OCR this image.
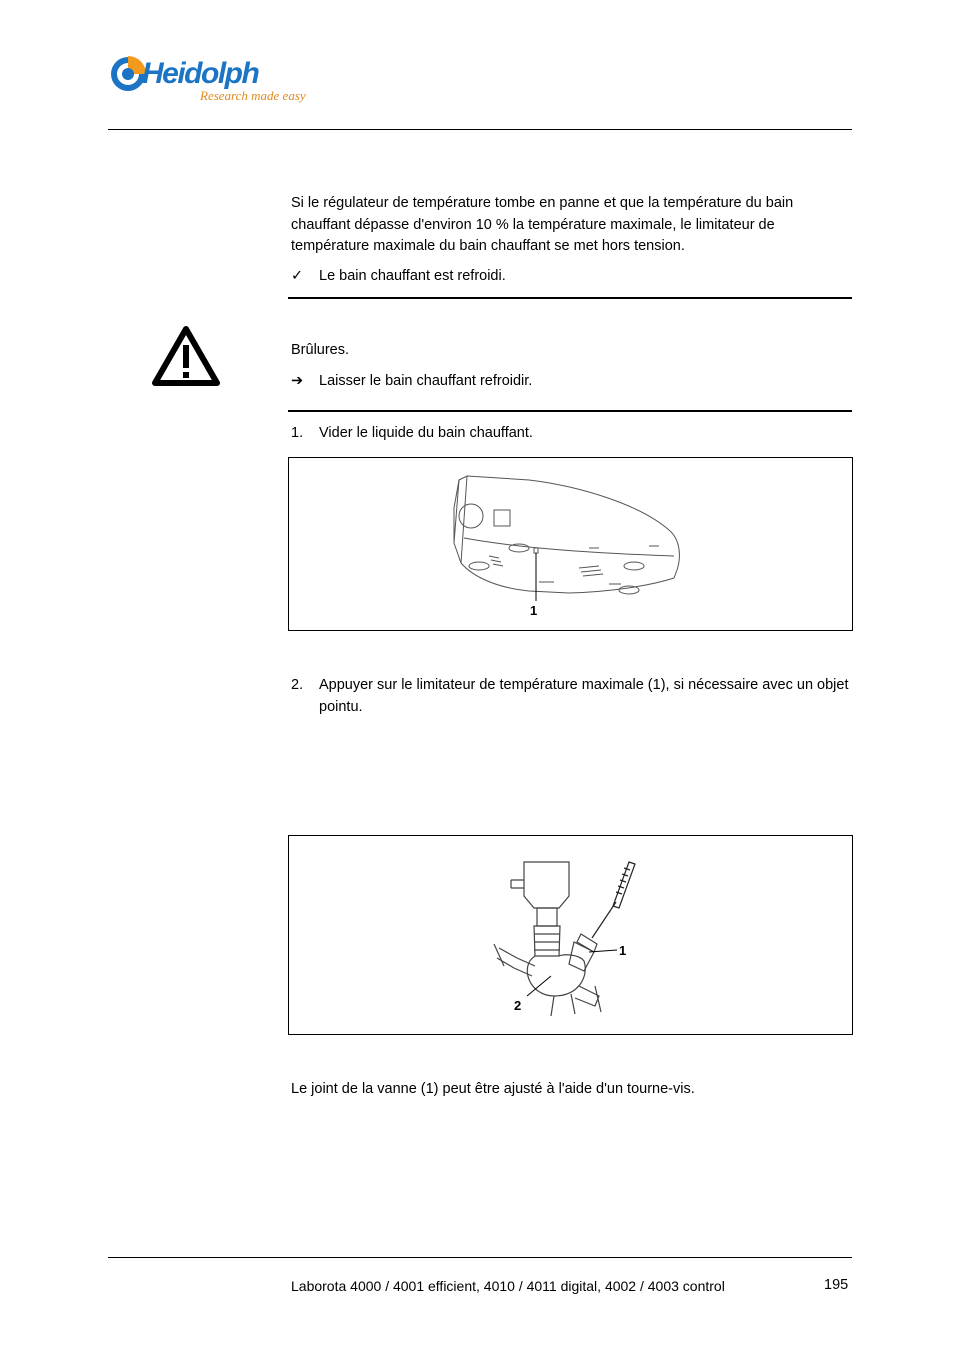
Heidolph
Research made easy
Si le régulateur de température tombe en panne et que la température du bain chauffant dépasse d'environ 10 % la température maximale, le limitateur de température maximale du bain chauffant se met hors tension.
✓ Le bain chauffant est refroidi.
Brûlures.
➔ Laisser le bain chauffant refroidir.
1. Vider le liquide du bain chauffant.
1
2. Appuyer sur le limitateur de température maximale (1), si nécessaire avec un objet pointu.
1
2
Le joint de la vanne (1) peut être ajusté à l'aide d'un tourne-vis.
Laborota 4000 / 4001 efficient, 4010 / 4011 digital, 4002 / 4003 control	195
